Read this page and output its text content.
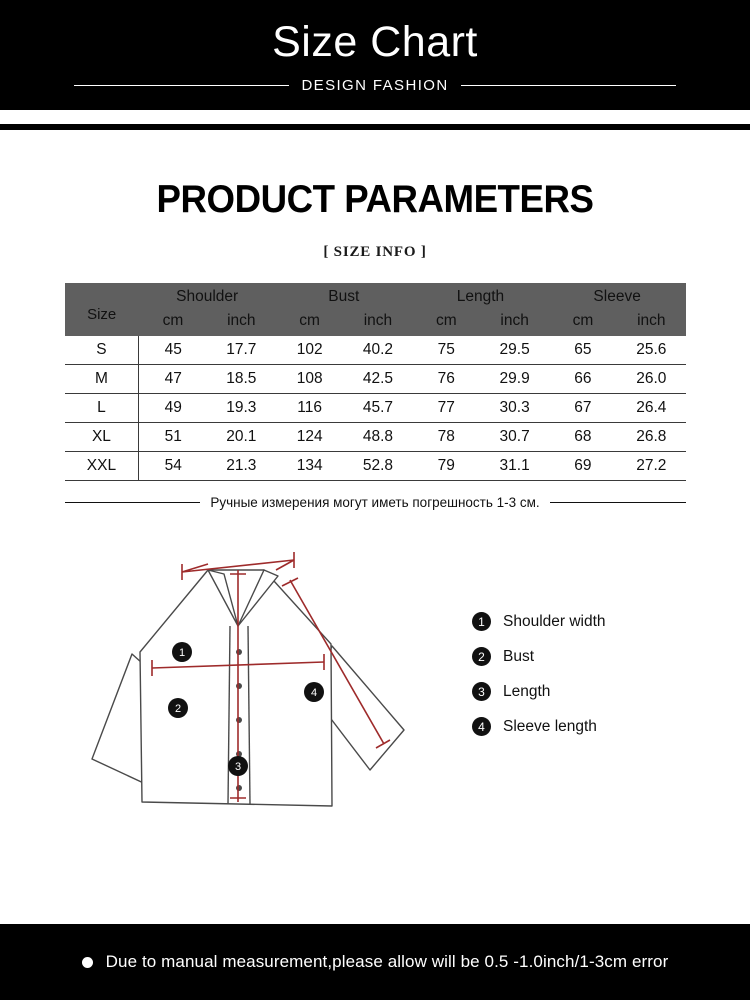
Size Chart
DESIGN FASHION
PRODUCT PARAMETERS
[ SIZE INFO ]
Size	Shoulder		Bust		Length		Sleeve	
	cm	inch	cm	inch	cm	inch	cm	inch
S	45	17.7	102	40.2	75	29.5	65	25.6
M	47	18.5	108	42.5	76	29.9	66	26.0
L	49	19.3	116	45.7	77	30.3	67	26.4
XL	51	20.1	124	48.8	78	30.7	68	26.8
XXL	54	21.3	134	52.8	79	31.1	69	27.2
Ручные измерения могут иметь погрешность 1-3 см.
1
2
3
4
1	Shoulder width
2	Bust
3	Length
4	Sleeve length
Due to manual measurement,please allow will be 0.5 -1.0inch/1-3cm error
